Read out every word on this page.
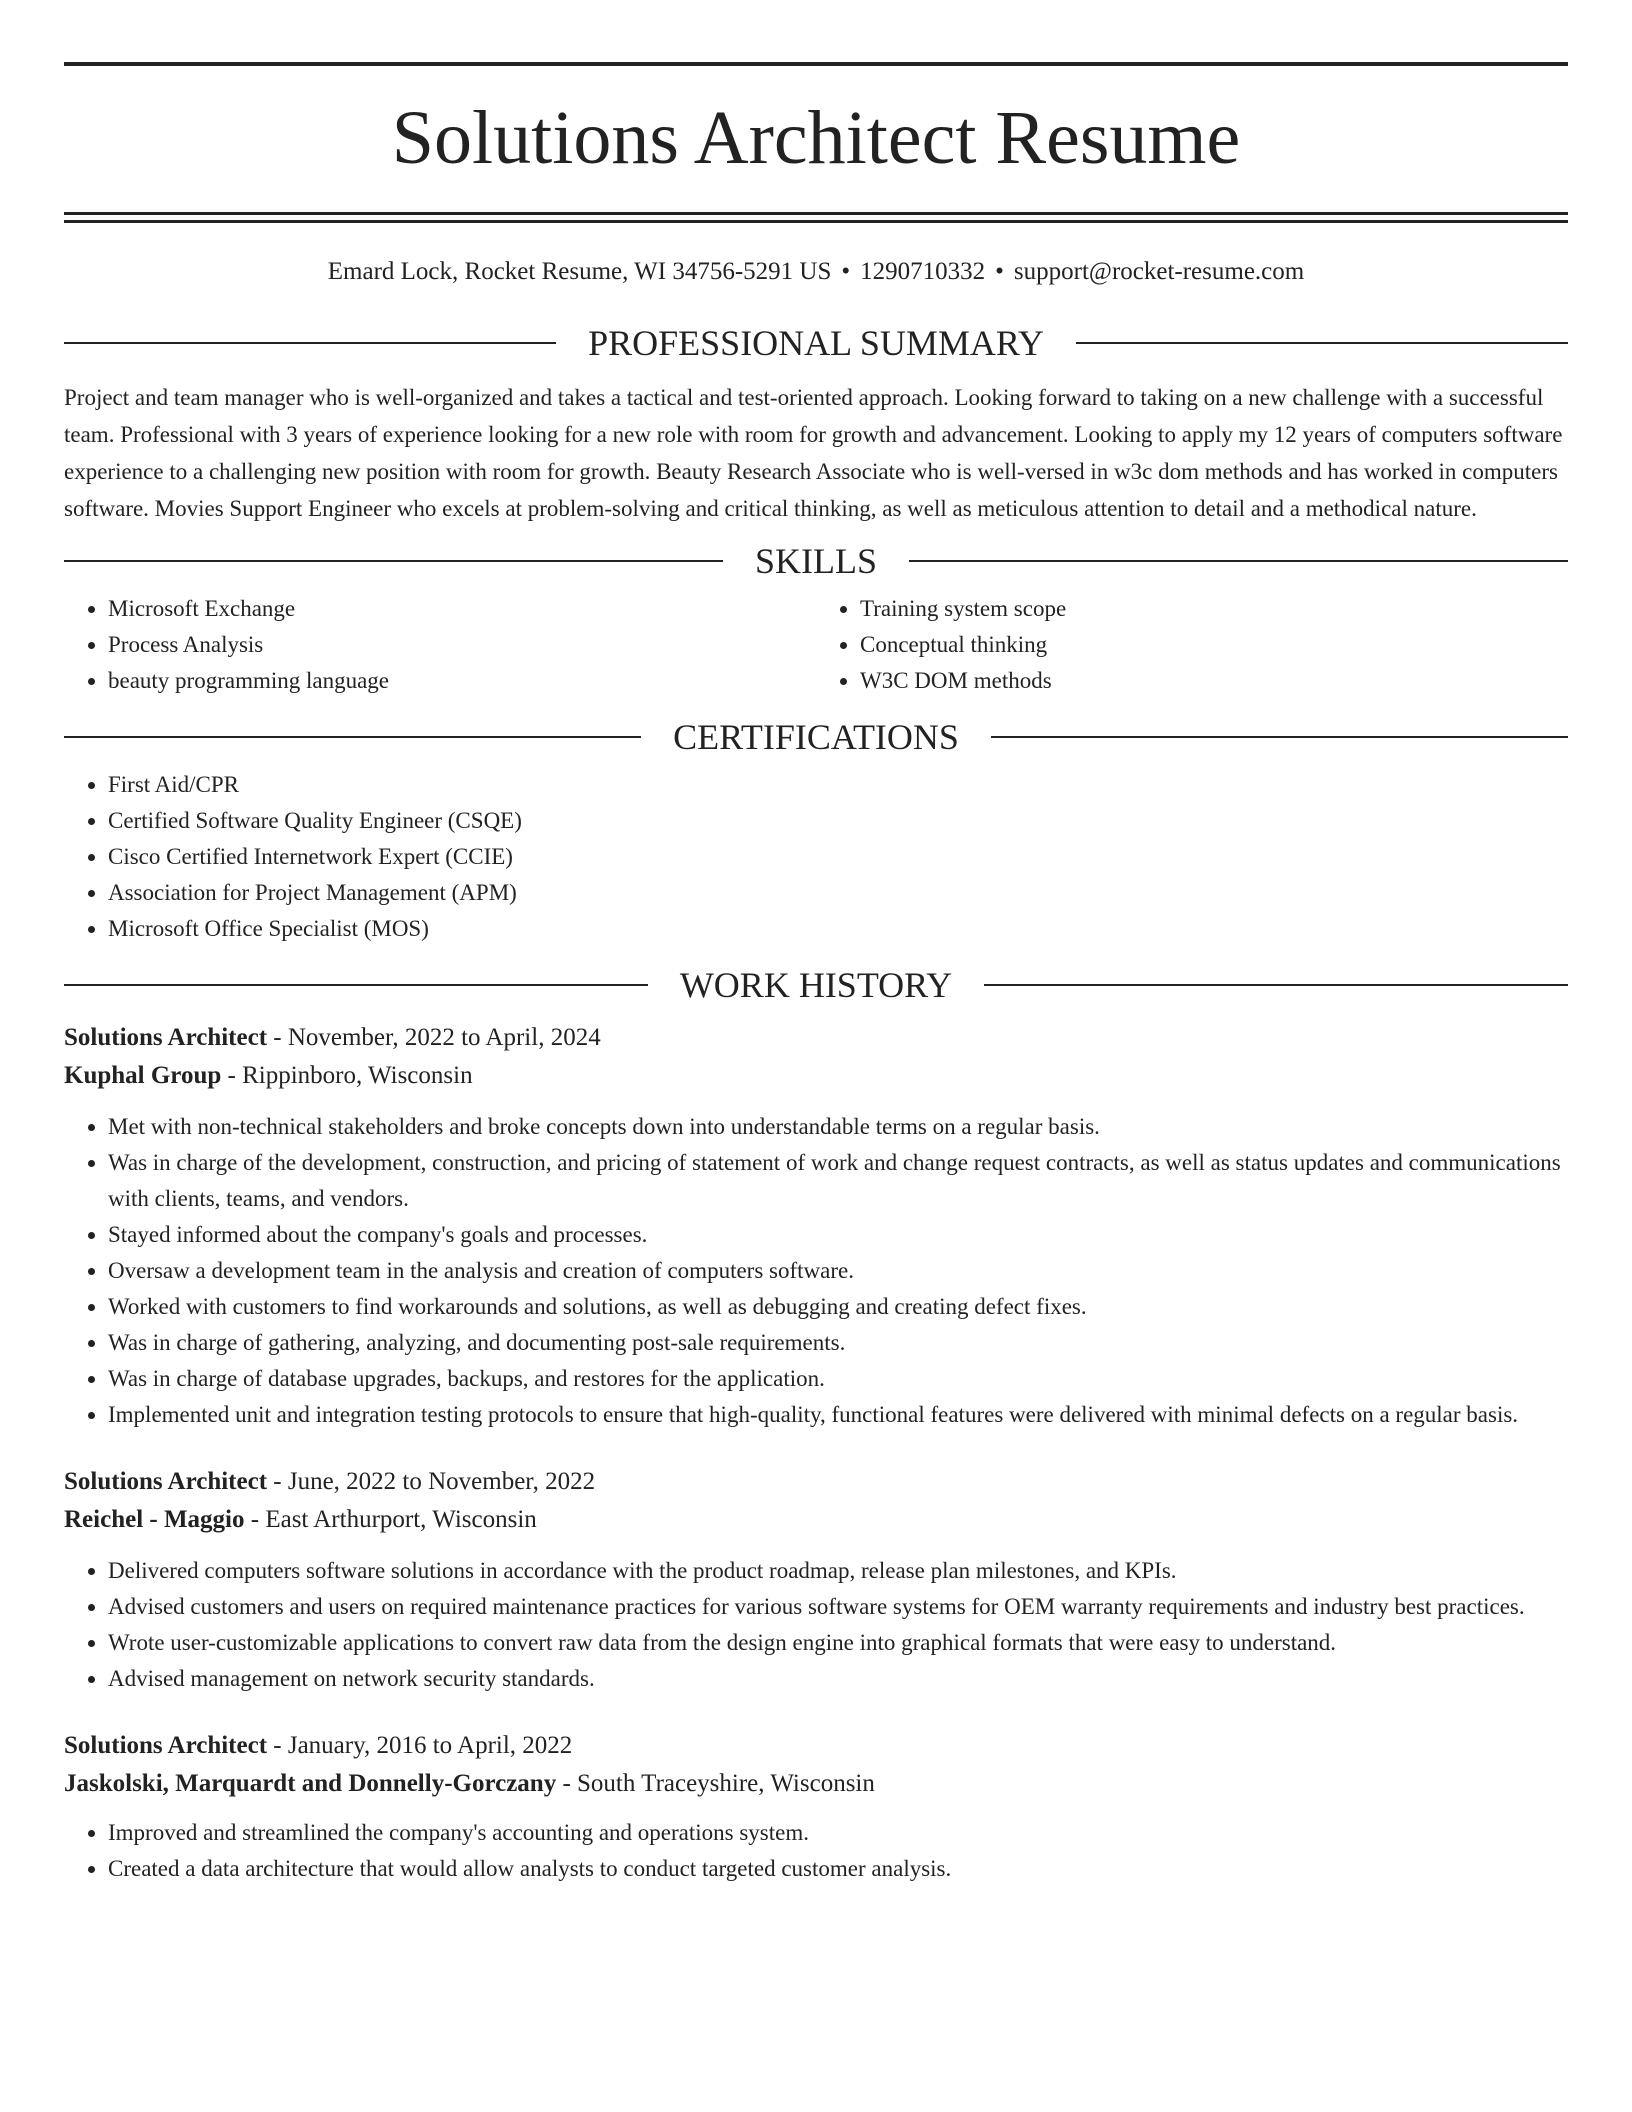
Solutions Architect Resume
Emard Lock, Rocket Resume, WI 34756-5291 US • 1290710332 • support@rocket-resume.com
PROFESSIONAL SUMMARY

Project and team manager who is well-organized and takes a tactical and test-oriented approach. Looking forward to taking on a new challenge with a successful team. Professional with 3 years of experience looking for a new role with room for growth and advancement. Looking to apply my 12 years of computers software experience to a challenging new position with room for growth. Beauty Research Associate who is well-versed in w3c dom methods and has worked in computers software. Movies Support Engineer who excels at problem-solving and critical thinking, as well as meticulous attention to detail and a methodical nature.

SKILLS
• Microsoft Exchange
• Process Analysis
• beauty programming language
• Training system scope
• Conceptual thinking
• W3C DOM methods
CERTIFICATIONS
• First Aid/CPR
• Certified Software Quality Engineer (CSQE)
• Cisco Certified Internetwork Expert (CCIE)
• Association for Project Management (APM)
• Microsoft Office Specialist (MOS)
WORK HISTORY
Solutions Architect - November, 2022 to April, 2024
Kuphal Group - Rippinboro, Wisconsin
• Met with non-technical stakeholders and broke concepts down into understandable terms on a regular basis.
• Was in charge of the development, construction, and pricing of statement of work and change request contracts, as well as status updates and communications with clients, teams, and vendors.
• Stayed informed about the company's goals and processes.
• Oversaw a development team in the analysis and creation of computers software.
• Worked with customers to find workarounds and solutions, as well as debugging and creating defect fixes.
• Was in charge of gathering, analyzing, and documenting post-sale requirements.
• Was in charge of database upgrades, backups, and restores for the application.
• Implemented unit and integration testing protocols to ensure that high-quality, functional features were delivered with minimal defects on a regular basis.
Solutions Architect - June, 2022 to November, 2022
Reichel - Maggio - East Arthurport, Wisconsin
• Delivered computers software solutions in accordance with the product roadmap, release plan milestones, and KPIs.
• Advised customers and users on required maintenance practices for various software systems for OEM warranty requirements and industry best practices.
• Wrote user-customizable applications to convert raw data from the design engine into graphical formats that were easy to understand.
• Advised management on network security standards.
Solutions Architect - January, 2016 to April, 2022
Jaskolski, Marquardt and Donnelly-Gorczany - South Traceyshire, Wisconsin
• Improved and streamlined the company's accounting and operations system.
• Created a data architecture that would allow analysts to conduct targeted customer analysis.
